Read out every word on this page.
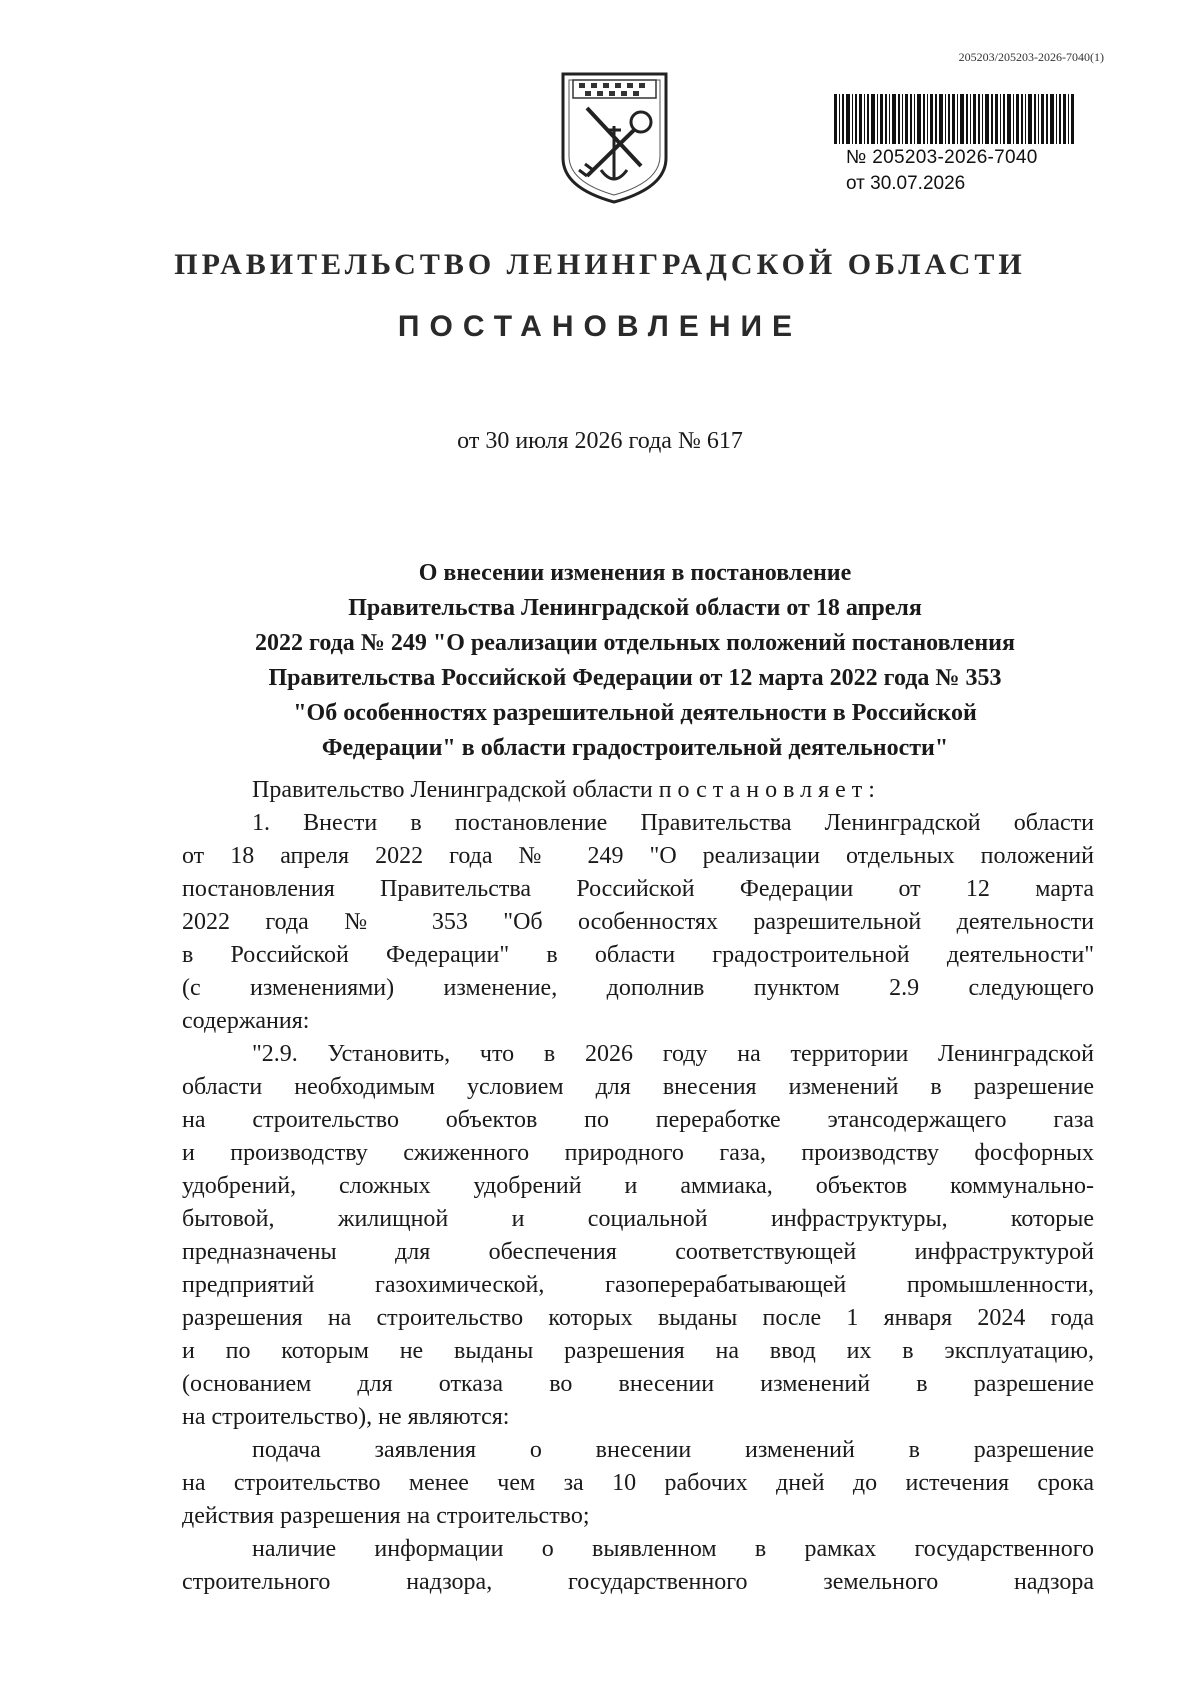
205203/205203-2026-7040(1)
№ 205203-2026-7040
от 30.07.2026
ПРАВИТЕЛЬСТВО ЛЕНИНГРАДСКОЙ ОБЛАСТИ
ПОСТАНОВЛЕНИЕ
от 30 июля 2026 года № 617
О внесении изменения в постановление
Правительства Ленинградской области от 18 апреля
2022 года № 249 "О реализации отдельных положений постановления
Правительства Российской Федерации от 12 марта 2022 года № 353
"Об особенностях разрешительной деятельности в Российской
Федерации" в области градостроительной деятельности"
Правительство Ленинградской области постановляет:
1. Внести в постановление Правительства Ленинградской области
от 18 апреля 2022 года № 249 "О реализации отдельных положений
постановления Правительства Российской Федерации от 12 марта
2022 года № 353 "Об особенностях разрешительной деятельности
в Российской Федерации" в области градостроительной деятельности"
(с изменениями) изменение, дополнив пунктом 2.9 следующего
содержания:
"2.9. Установить, что в 2026 году на территории Ленинградской
области необходимым условием для внесения изменений в разрешение
на строительство объектов по переработке этансодержащего газа
и производству сжиженного природного газа, производству фосфорных
удобрений, сложных удобрений и аммиака, объектов коммунально-
бытовой, жилищной и социальной инфраструктуры, которые
предназначены для обеспечения соответствующей инфраструктурой
предприятий газохимической, газоперерабатывающей промышленности,
разрешения на строительство которых выданы после 1 января 2024 года
и по которым не выданы разрешения на ввод их в эксплуатацию,
(основанием для отказа во внесении изменений в разрешение
на строительство), не являются:
подача заявления о внесении изменений в разрешение
на строительство менее чем за 10 рабочих дней до истечения срока
действия разрешения на строительство;
наличие информации о выявленном в рамках государственного
строительного надзора, государственного земельного надзора
